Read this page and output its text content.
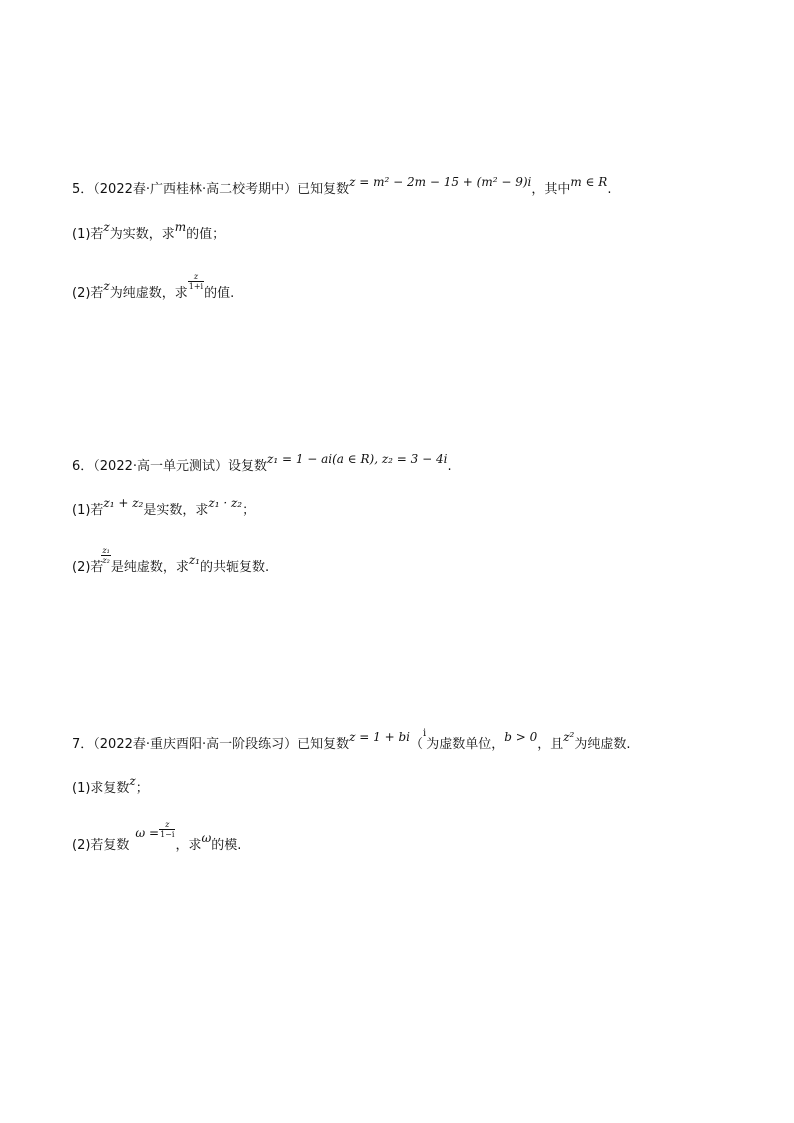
5．（2022春·广西桂林·高二校考期中）已知复数z = m² − 2m − 15 + (m² − 9)i，其中m ∈ R.
(1)若z为实数，求m的值；
(2)若z为纯虚数，求
$\frac{z}{1+i}$
的值.
6．（2022·高一单元测试）设复数z₁ = 1 − ai(a ∈ R), z₂ = 3 − 4i.
(1)若z₁ + z₂是实数，求z₁ · z₂；
(2)若
$\frac{\text{z₁}}{\text{z₂}}$
是纯虚数，求z₁的共轭复数.
7．（2022春·重庆酉阳·高一阶段练习）已知复数z = 1 + bi（$^i$为虚数单位，b > 0，且z²为纯虚数.
(1)求复数z；
(2)若复数$\omega = \frac{z}{1-i}$
，求ω的模.
